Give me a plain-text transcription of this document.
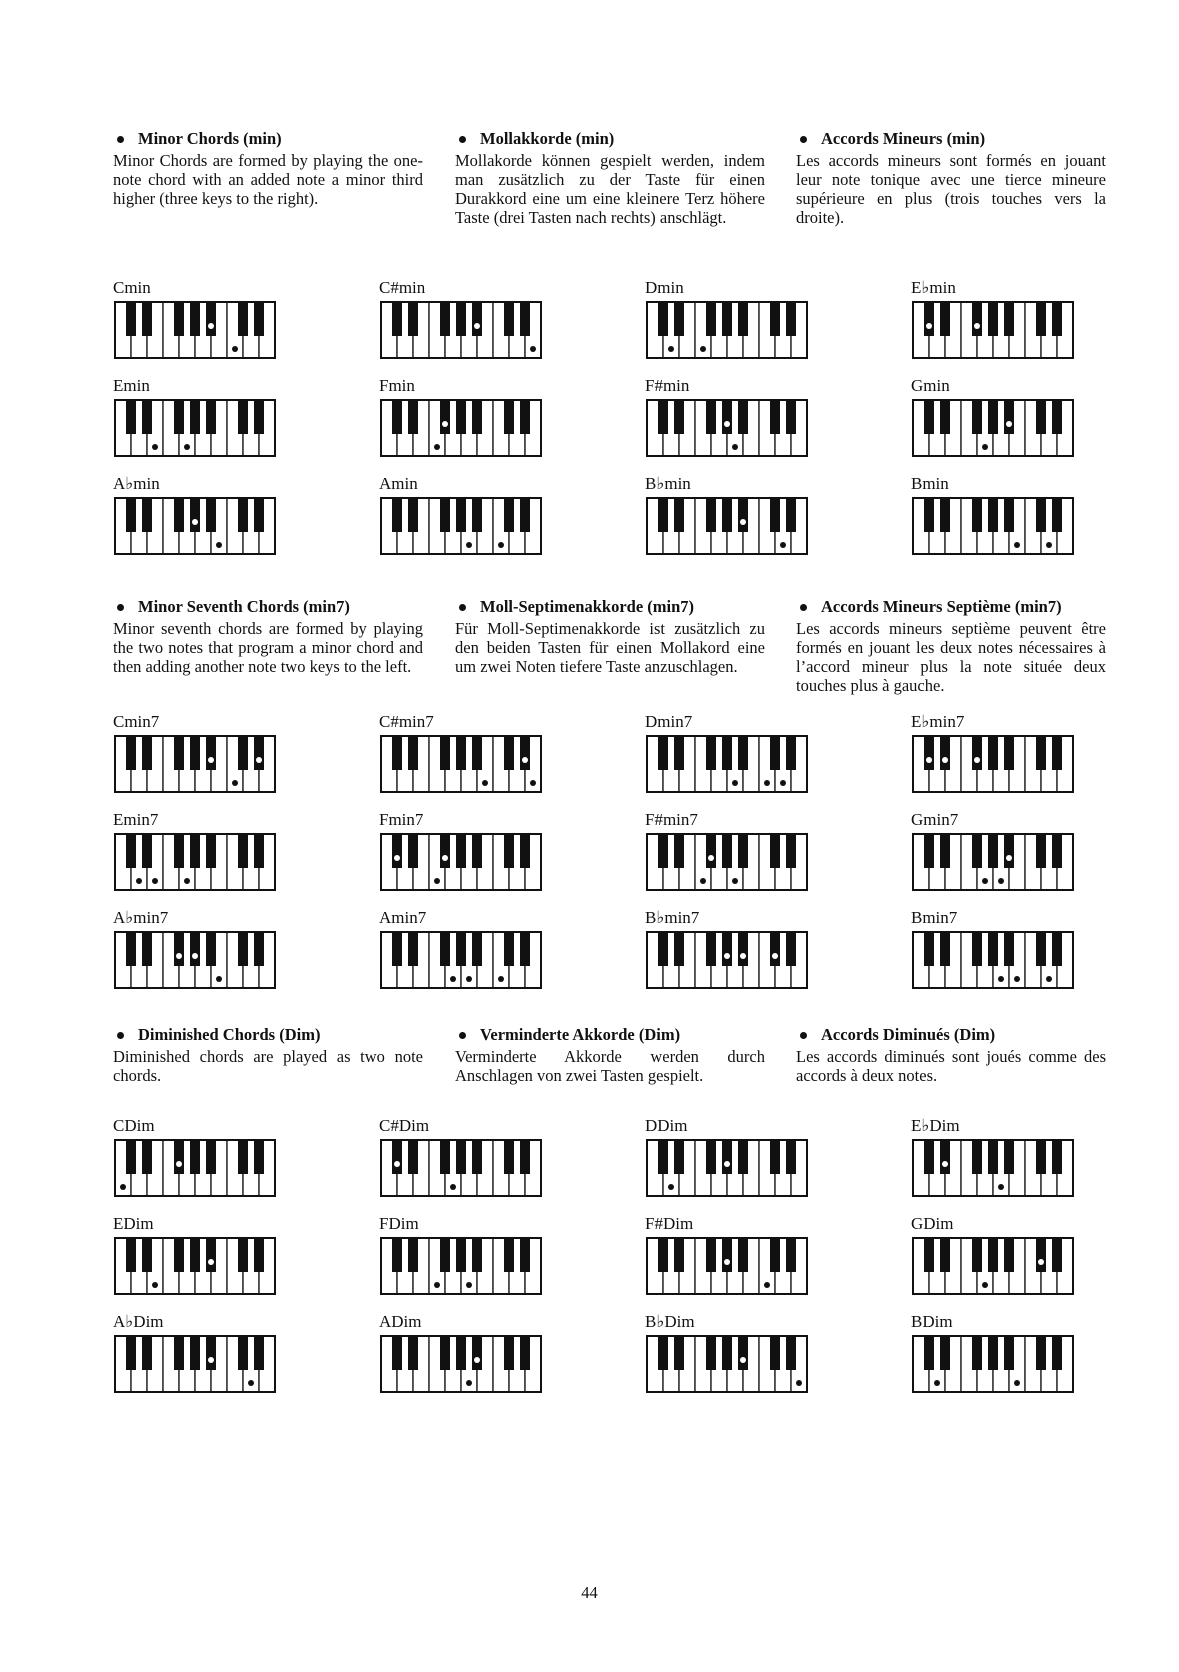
Minor Chords (min)
Minor Chords are formed by playing the one-note chord with an added note a minor third higher (three keys to the right).
Mollakkorde (min)
Mollakorde können gespielt werden, indem man zusätzlich zu der Taste für einen Durakkord eine um eine kleinere Terz höhere Taste (drei Tasten nach rechts) anschlägt.
Accords Mineurs (min)
Les accords mineurs sont formés en jouant leur note tonique avec une tierce mineure supérieure en plus (trois touches vers la droite).
Cmin	C#min	Dmin	E♭min
Emin	Fmin	F#min	Gmin
A♭min	Amin	B♭min	Bmin
Minor Seventh Chords (min7)
Minor seventh chords are formed by playing the two notes that program a minor chord and then adding another note two keys to the left.
Moll-Septimenakkorde (min7)
Für Moll-Septimenakkorde ist zusätzlich zu den beiden Tasten für einen Mollakord eine um zwei Noten tiefere Taste anzuschlagen.
Accords Mineurs Septième (min7)
Les accords mineurs septième peuvent être formés en jouant les deux notes nécessaires à l’accord mineur plus la note située deux touches plus à gauche.
Cmin7	C#min7	Dmin7	E♭min7
Emin7	Fmin7	F#min7	Gmin7
A♭min7	Amin7	B♭min7	Bmin7
Diminished Chords (Dim)
Diminished chords are played as two note chords.
Verminderte Akkorde (Dim)
Verminderte Akkorde werden durch Anschlagen von zwei Tasten gespielt.
Accords Diminués (Dim)
Les accords diminués sont joués comme des accords à deux notes.
CDim	C#Dim	DDim	E♭Dim
EDim	FDim	F#Dim	GDim
A♭Dim	ADim	B♭Dim	BDim
44
